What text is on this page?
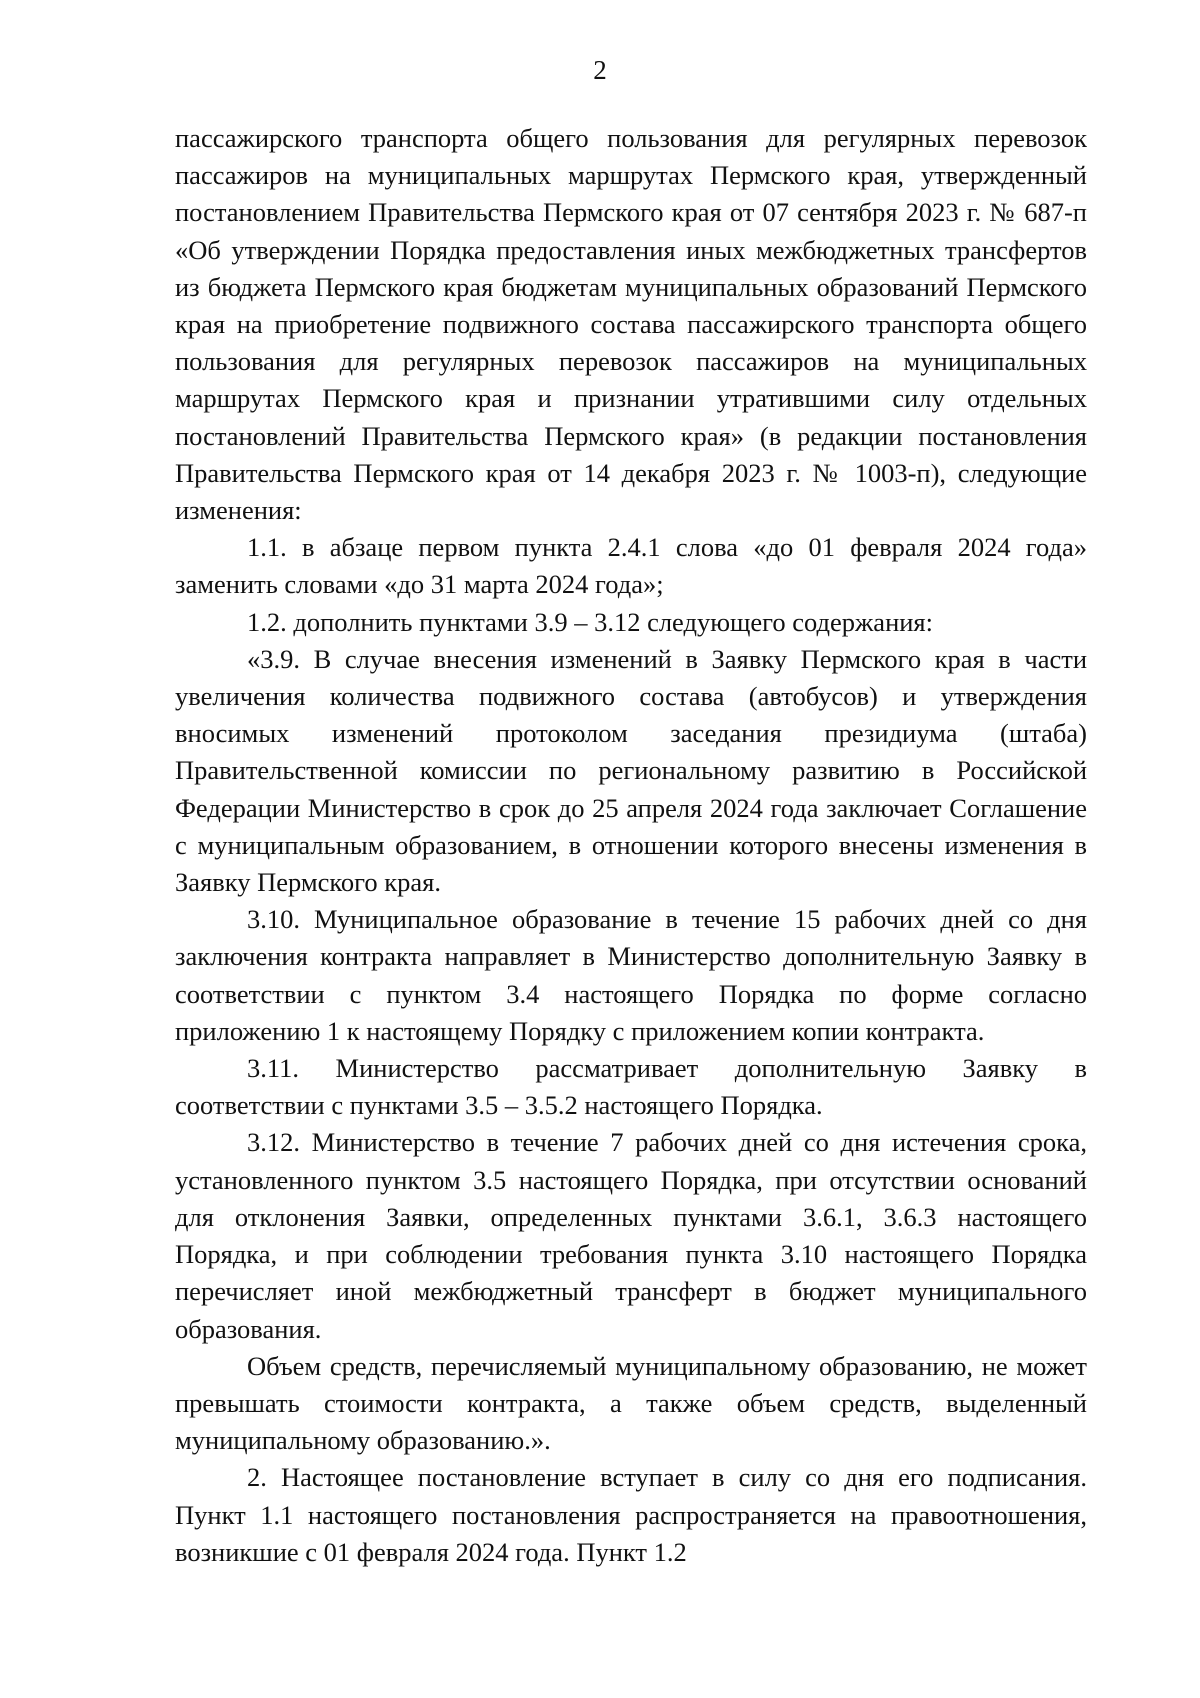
2

пассажирского транспорта общего пользования для регулярных перевозок пассажиров на муниципальных маршрутах Пермского края, утвержденный постановлением Правительства Пермского края от 07 сентября 2023 г. № 687-п «Об утверждении Порядка предоставления иных межбюджетных трансфертов из бюджета Пермского края бюджетам муниципальных образований Пермского края на приобретение подвижного состава пассажирского транспорта общего пользования для регулярных перевозок пассажиров на муниципальных маршрутах Пермского края и признании утратившими силу отдельных постановлений Правительства Пермского края» (в редакции постановления Правительства Пермского края от 14 декабря 2023 г. № 1003-п), следующие изменения:

1.1. в абзаце первом пункта 2.4.1 слова «до 01 февраля 2024 года» заменить словами «до 31 марта 2024 года»;

1.2. дополнить пунктами 3.9 – 3.12 следующего содержания:

«3.9. В случае внесения изменений в Заявку Пермского края в части увеличения количества подвижного состава (автобусов) и утверждения вносимых изменений протоколом заседания президиума (штаба) Правительственной комиссии по региональному развитию в Российской Федерации Министерство в срок до 25 апреля 2024 года заключает Соглашение с муниципальным образованием, в отношении которого внесены изменения в Заявку Пермского края.

3.10. Муниципальное образование в течение 15 рабочих дней со дня заключения контракта направляет в Министерство дополнительную Заявку в соответствии с пунктом 3.4 настоящего Порядка по форме согласно приложению 1 к настоящему Порядку с приложением копии контракта.

3.11. Министерство рассматривает дополнительную Заявку в соответствии с пунктами 3.5 – 3.5.2 настоящего Порядка.

3.12. Министерство в течение 7 рабочих дней со дня истечения срока, установленного пунктом 3.5 настоящего Порядка, при отсутствии оснований для отклонения Заявки, определенных пунктами 3.6.1, 3.6.3 настоящего Порядка, и при соблюдении требования пункта 3.10 настоящего Порядка перечисляет иной межбюджетный трансферт в бюджет муниципального образования.

Объем средств, перечисляемый муниципальному образованию, не может превышать стоимости контракта, а также объем средств, выделенный муниципальному образованию.».

2. Настоящее постановление вступает в силу со дня его подписания. Пункт 1.1 настоящего постановления распространяется на правоотношения, возникшие с 01 февраля 2024 года. Пункт 1.2
